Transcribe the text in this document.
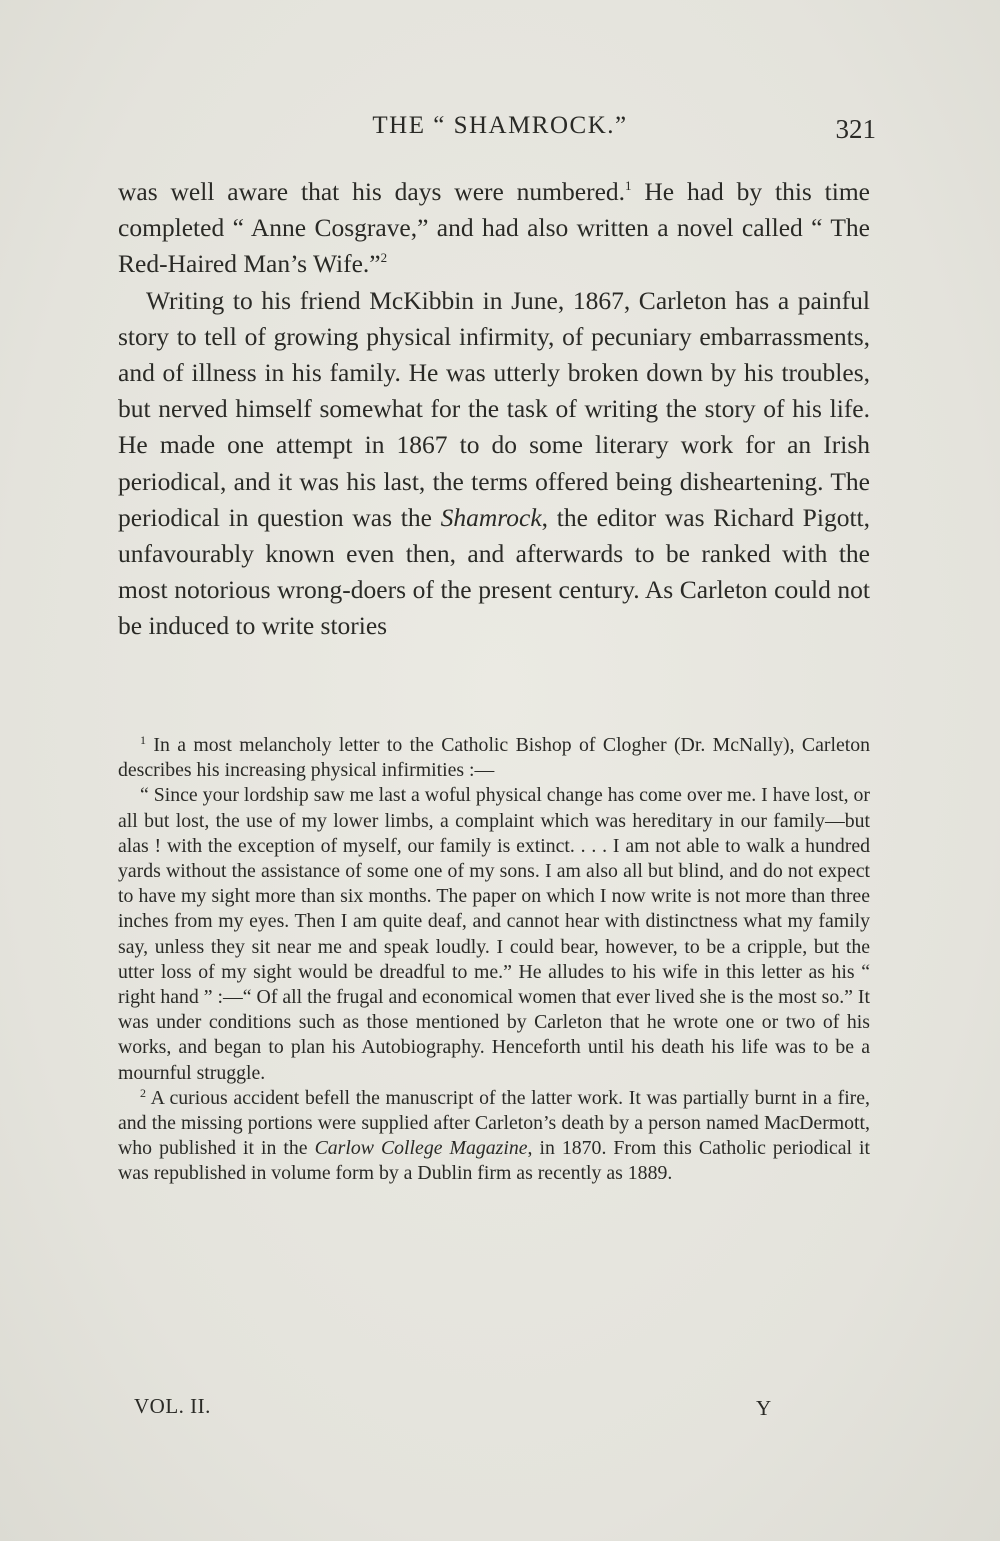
THE “ SHAMROCK.”	321

was well aware that his days were numbered.$^1$ He had by this time completed “ Anne Cosgrave,” and had also written a novel called “ The Red-Haired Man’s Wife.”$^2$

Writing to his friend McKibbin in June, 1867, Carleton has a painful story to tell of growing physical infirmity, of pecuniary embarrassments, and of illness in his family. He was utterly broken down by his troubles, but nerved himself somewhat for the task of writing the story of his life. He made one attempt in 1867 to do some literary work for an Irish periodical, and it was his last, the terms offered being disheartening. The periodical in question was the Shamrock, the editor was Richard Pigott, unfavourably known even then, and afterwards to be ranked with the most notorious wrong-doers of the present century. As Carleton could not be induced to write stories

$^1$ In a most melancholy letter to the Catholic Bishop of Clogher (Dr. McNally), Carleton describes his increasing physical infirmities :—

“ Since your lordship saw me last a woful physical change has come over me. I have lost, or all but lost, the use of my lower limbs, a complaint which was hereditary in our family—but alas ! with the exception of myself, our family is extinct. . . . I am not able to walk a hundred yards without the assistance of some one of my sons. I am also all but blind, and do not expect to have my sight more than six months. The paper on which I now write is not more than three inches from my eyes. Then I am quite deaf, and cannot hear with distinctness what my family say, unless they sit near me and speak loudly. I could bear, however, to be a cripple, but the utter loss of my sight would be dreadful to me.” He alludes to his wife in this letter as his “ right hand ” :—“ Of all the frugal and economical women that ever lived she is the most so.” It was under conditions such as those mentioned by Carleton that he wrote one or two of his works, and began to plan his Autobiography. Henceforth until his death his life was to be a mournful struggle.

$^2$ A curious accident befell the manuscript of the latter work. It was partially burnt in a fire, and the missing portions were supplied after Carleton’s death by a person named MacDermott, who published it in the Carlow College Magazine, in 1870. From this Catholic periodical it was republished in volume form by a Dublin firm as recently as 1889.

VOL. II.	Y
